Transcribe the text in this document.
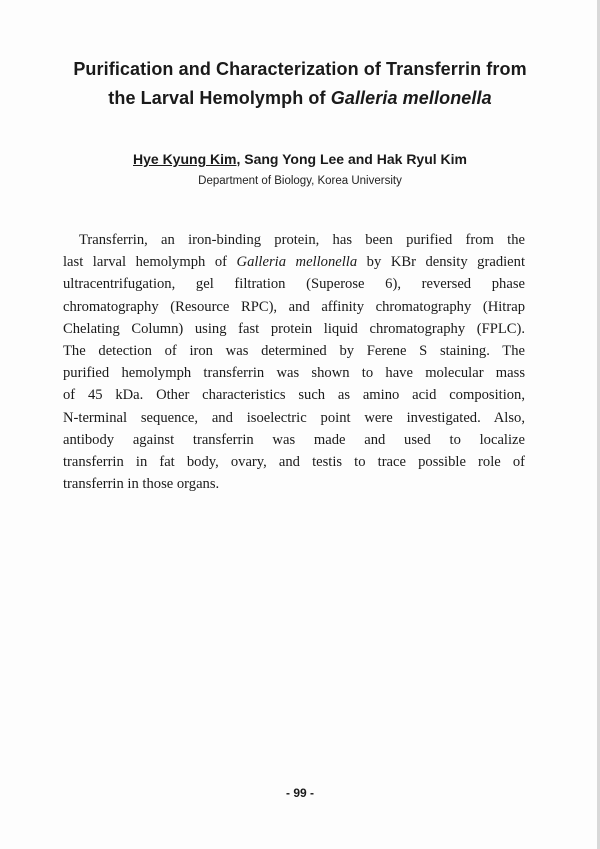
Purification and Characterization of Transferrin from
the Larval Hemolymph of Galleria mellonella
Hye Kyung Kim, Sang Yong Lee and Hak Ryul Kim
Department of Biology, Korea University
Transferrin, an iron-binding protein, has been purified from the
last larval hemolymph of Galleria mellonella by KBr density gradient
ultracentrifugation, gel filtration (Superose 6), reversed phase
chromatography (Resource RPC), and affinity chromatography (Hitrap
Chelating Column) using fast protein liquid chromatography (FPLC).
The detection of iron was determined by Ferene S staining. The
purified hemolymph transferrin was shown to have molecular mass
of 45 kDa. Other characteristics such as amino acid composition,
N-terminal sequence, and isoelectric point were investigated. Also,
antibody against transferrin was made and used to localize
transferrin in fat body, ovary, and testis to trace possible role of
transferrin in those organs.
- 99 -
